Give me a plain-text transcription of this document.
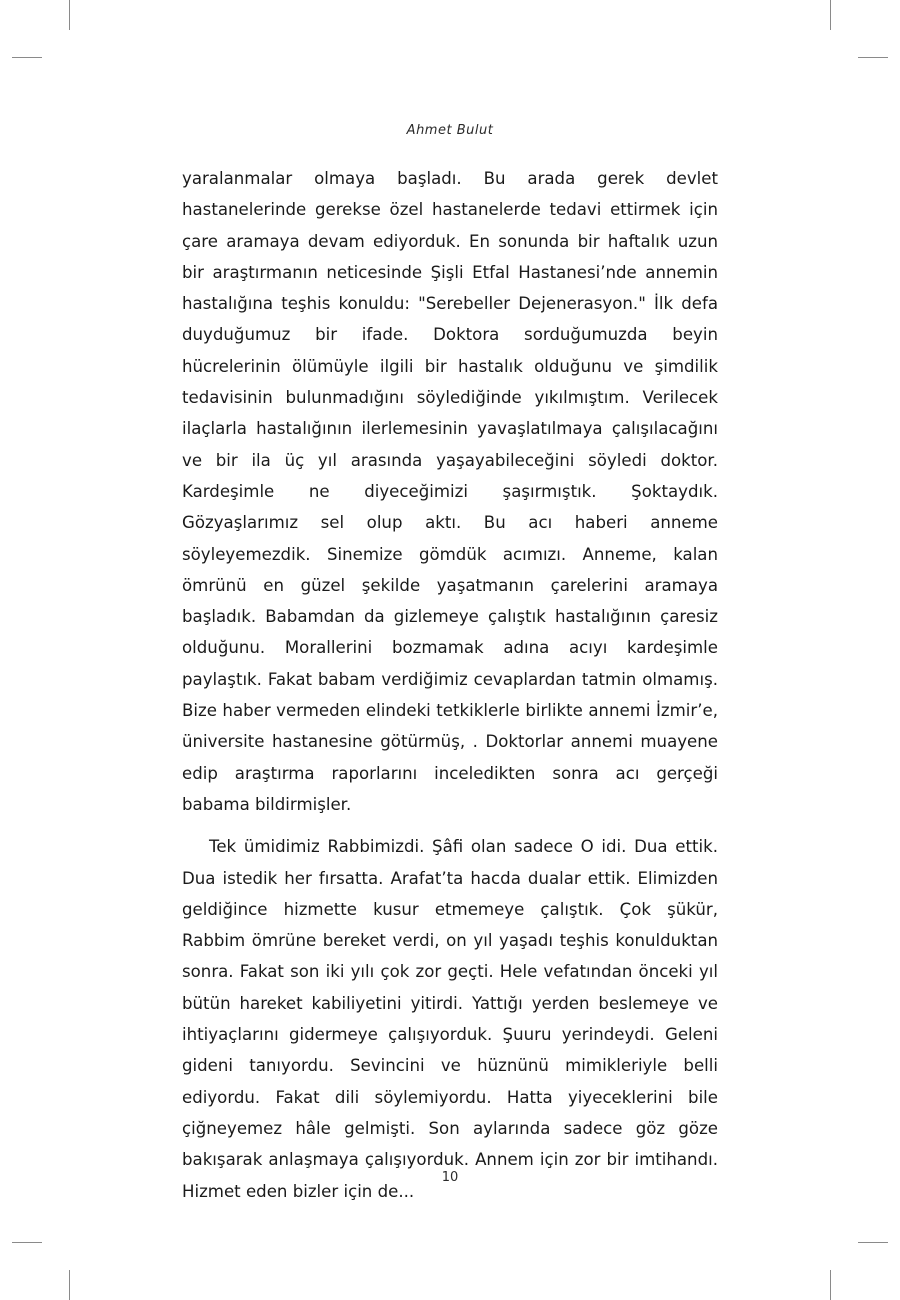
Ahmet Bulut

yaralanmalar olmaya başladı. Bu arada gerek devlet hastanelerinde gerekse özel hastanelerde tedavi ettirmek için çare aramaya devam ediyorduk. En sonunda bir haftalık uzun bir araştırmanın neticesinde Şişli Etfal Hastanesi’nde annemin hastalığına teşhis konuldu: "Serebeller Dejenerasyon." İlk defa duyduğumuz bir ifade. Doktora sorduğumuzda beyin hücrelerinin ölümüyle ilgili bir hastalık olduğunu ve şimdilik tedavisinin bulunmadığını söylediğinde yıkılmıştım. Verilecek ilaçlarla hastalığının ilerlemesinin yavaşlatılmaya çalışılacağını ve bir ila üç yıl arasında yaşayabileceğini söyledi doktor. Kardeşimle ne diyeceğimizi şaşırmıştık. Şoktaydık. Gözyaşlarımız sel olup aktı. Bu acı haberi anneme söyleyemezdik. Sinemize gömdük acımızı. Anneme, kalan ömrünü en güzel şekilde yaşatmanın çarelerini aramaya başladık. Babamdan da gizlemeye çalıştık hastalığının çaresiz olduğunu. Morallerini bozmamak adına acıyı kardeşimle paylaştık. Fakat babam verdiğimiz cevaplardan tatmin olmamış. Bize haber vermeden elindeki tetkiklerle birlikte annemi İzmir’e, üniversite hastanesine götürmüş, . Doktorlar annemi muayene edip araştırma raporlarını inceledikten sonra acı gerçeği babama bildirmişler.

Tek ümidimiz Rabbimizdi. Şâfi olan sadece O idi. Dua ettik. Dua istedik her fırsatta. Arafat’ta hacda dualar ettik. Elimizden geldiğince hizmette kusur etmemeye çalıştık. Çok şükür, Rabbim ömrüne bereket verdi, on yıl yaşadı teşhis konulduktan sonra. Fakat son iki yılı çok zor geçti. Hele vefatından önceki yıl bütün hareket kabiliyetini yitirdi. Yattığı yerden beslemeye ve ihtiyaçlarını gidermeye çalışıyorduk. Şuuru yerindeydi. Geleni gideni tanıyordu. Sevincini ve hüznünü mimikleriyle belli ediyordu. Fakat dili söylemiyordu. Hatta yiyeceklerini bile çiğneyemez hâle gelmişti. Son aylarında sadece göz göze bakışarak anlaşmaya çalışıyorduk. Annem için zor bir imtihandı. Hizmet eden bizler için de...

10
